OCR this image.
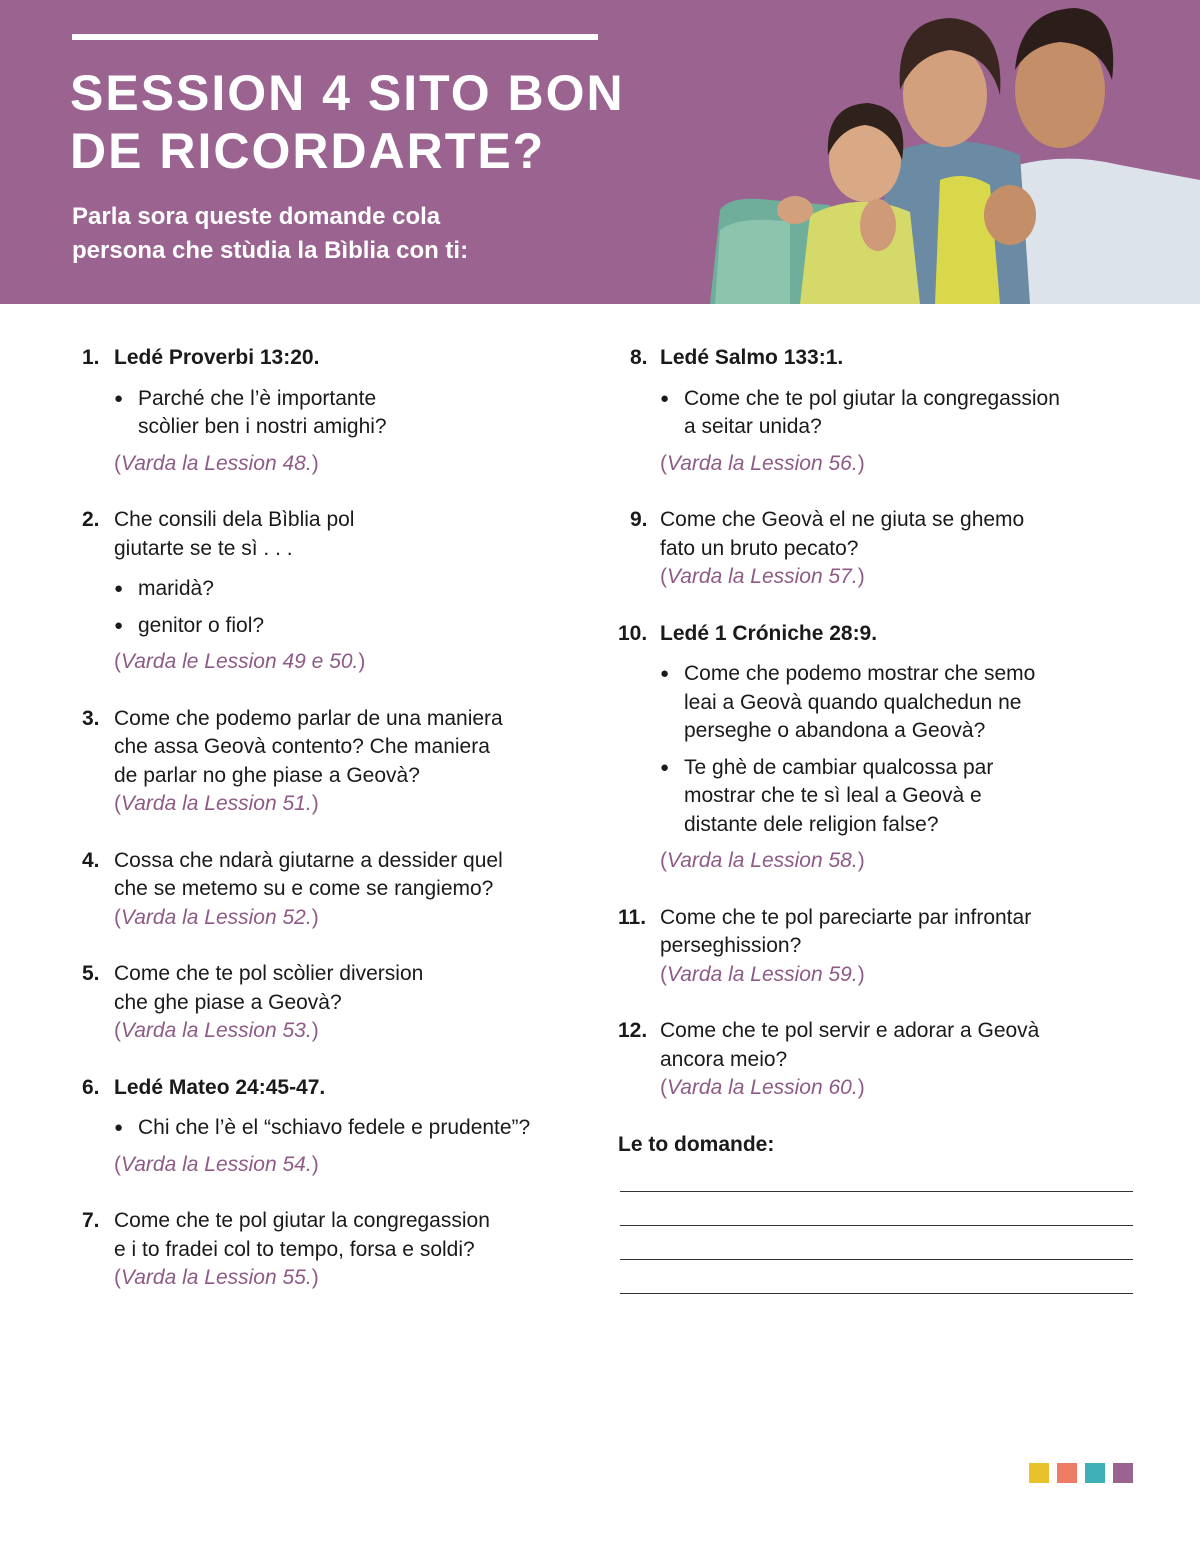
SESSION 4 SITO BON
DE RICORDARTE?

Parla sora queste domande cola
persona che stùdia la Bìblia con ti:

1. Ledé Proverbi 13:20.
● Parché che l’è importante
scòlier ben i nostri amighi?
(Varda la Lession 48.)
2. Che consili dela Bìblia pol
giutarte se te sì . . .
● maridà?
● genitor o fiol?
(Varda le Lession 49 e 50.)
3. Come che podemo parlar de una maniera
che assa Geovà contento? Che maniera
de parlar no ghe piase a Geovà?
(Varda la Lession 51.)
4. Cossa che ndarà giutarne a dessider quel
che se metemo su e come se rangiemo?
(Varda la Lession 52.)
5. Come che te pol scòlier diversion
che ghe piase a Geovà?
(Varda la Lession 53.)
6. Ledé Mateo 24:45-47.
● Chi che l’è el “schiavo fedele e prudente”?
(Varda la Lession 54.)
7. Come che te pol giutar la congregassion
e i to fradei col to tempo, forsa e soldi?
(Varda la Lession 55.)
8. Ledé Salmo 133:1.
● Come che te pol giutar la congregassion
a seitar unida?
(Varda la Lession 56.)
9. Come che Geovà el ne giuta se ghemo
fato un bruto pecato?
(Varda la Lession 57.)
10. Ledé 1 Cróniche 28:9.
● Come che podemo mostrar che semo
leai a Geovà quando qualchedun ne
perseghe o abandona a Geovà?
● Te ghè de cambiar qualcossa par
mostrar che te sì leal a Geovà e
distante dele religion false?
(Varda la Lession 58.)
11. Come che te pol pareciarte par infrontar
perseghission?
(Varda la Lession 59.)
12. Come che te pol servir e adorar a Geovà
ancora meio?
(Varda la Lession 60.)
Le to domande:
